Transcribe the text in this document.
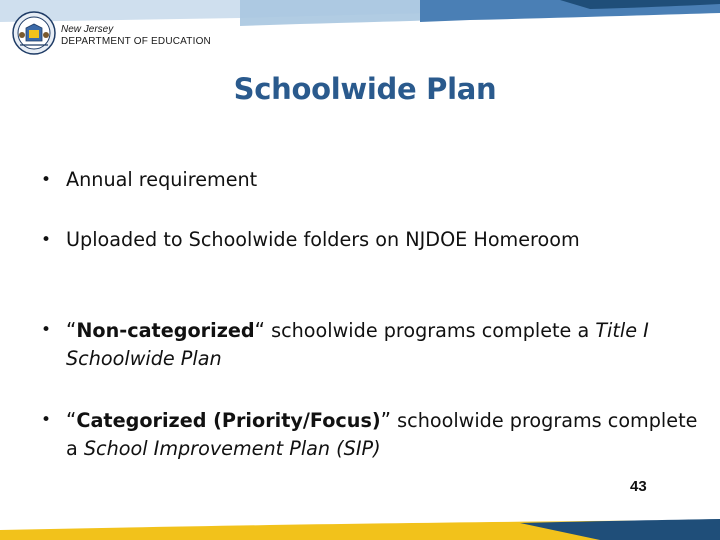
New Jersey
DEPARTMENT OF EDUCATION
Schoolwide Plan
• Annual requirement
• Uploaded to Schoolwide folders on NJDOE Homeroom
• “Non-categorized“ schoolwide programs complete a Title I Schoolwide Plan
• “Categorized (Priority/Focus)” schoolwide programs complete a School Improvement Plan (SIP)
43
